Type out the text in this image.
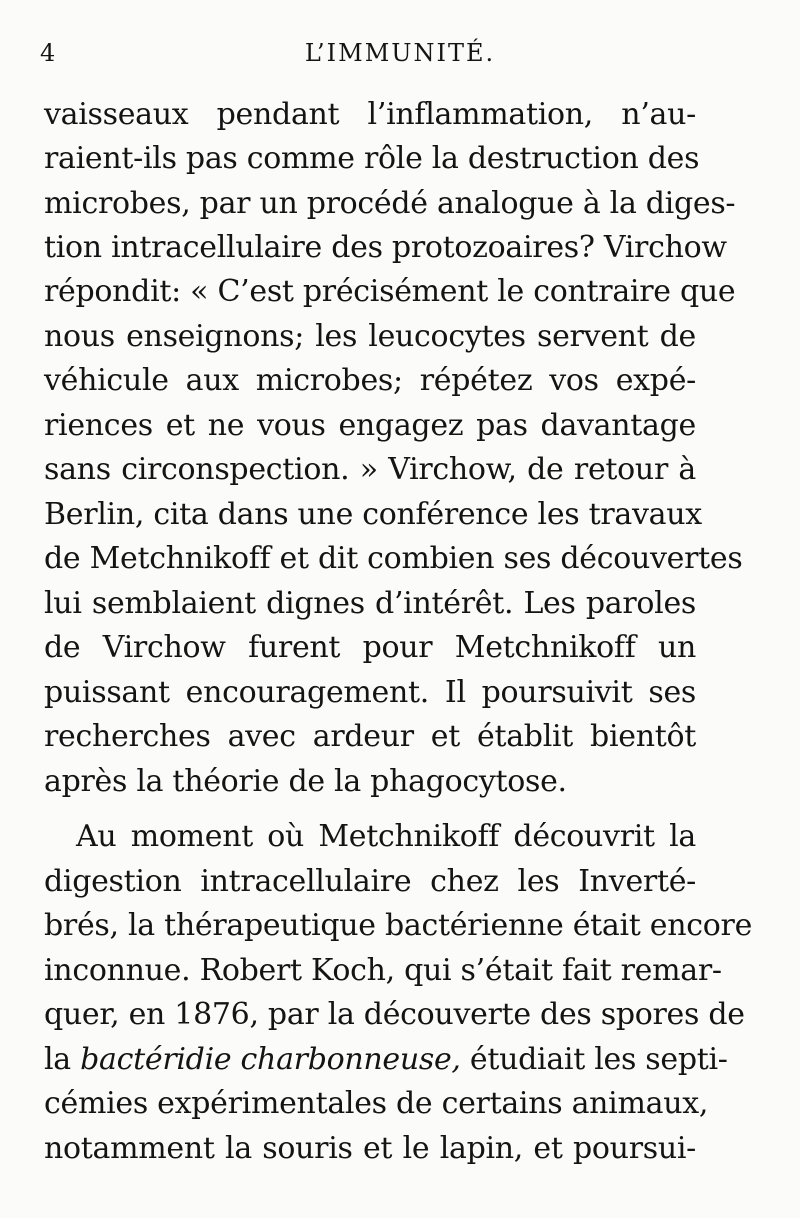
4	L’IMMUNITÉ.
vaisseaux pendant l’inflammation, n’au-
raient-ils pas comme rôle la destruction des
microbes, par un procédé analogue à la diges-
tion intracellulaire des protozoaires? Virchow
répondit: « C’est précisément le contraire que
nous enseignons; les leucocytes servent de
véhicule aux microbes; répétez vos expé-
riences et ne vous engagez pas davantage
sans circonspection. » Virchow, de retour à
Berlin, cita dans une conférence les travaux
de Metchnikoff et dit combien ses découvertes
lui semblaient dignes d’intérêt. Les paroles
de Virchow furent pour Metchnikoff un
puissant encouragement. Il poursuivit ses
recherches avec ardeur et établit bientôt
après la théorie de la phagocytose.
Au moment où Metchnikoff découvrit la
digestion intracellulaire chez les Inverté-
brés, la thérapeutique bactérienne était encore
inconnue. Robert Koch, qui s’était fait remar-
quer, en 1876, par la découverte des spores de
la bactéridie charbonneuse, étudiait les septi-
cémies expérimentales de certains animaux,
notamment la souris et le lapin, et poursui-
